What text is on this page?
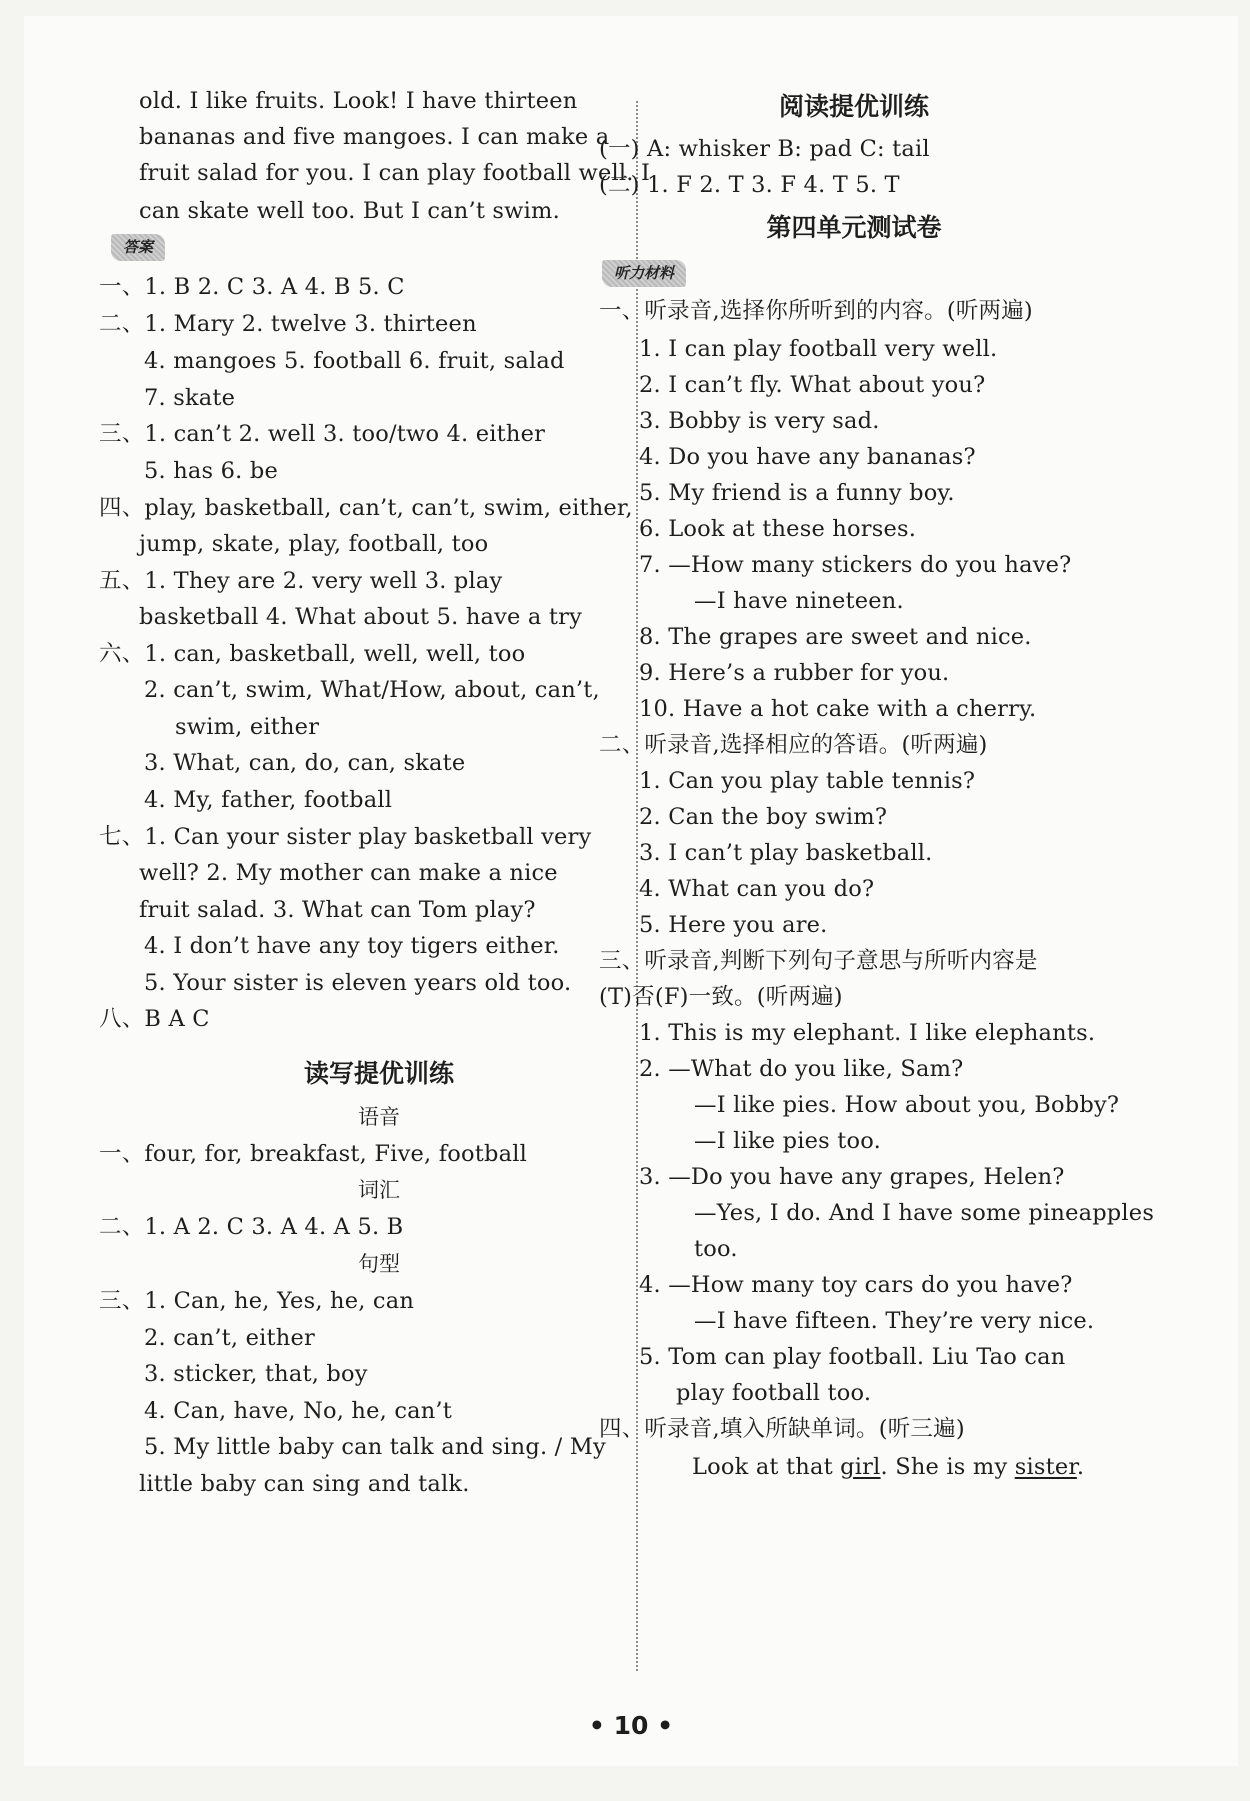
old. I like fruits. Look! I have thirteen
bananas and five mangoes. I can make a
fruit salad for you. I can play football well. I
can skate well too. But I can’t swim.
答案
一、1. B 2. C 3. A 4. B 5. C
二、1. Mary 2. twelve 3. thirteen
4. mangoes 5. football 6. fruit, salad
7. skate
三、1. can’t 2. well 3. too/two 4. either
5. has 6. be
四、play, basketball, can’t, can’t, swim, either,
jump, skate, play, football, too
五、1. They are 2. very well 3. play
basketball 4. What about 5. have a try
六、1. can, basketball, well, well, too
2. can’t, swim, What/How, about, can’t,
swim, either
3. What, can, do, can, skate
4. My, father, football
七、1. Can your sister play basketball very
well? 2. My mother can make a nice
fruit salad. 3. What can Tom play?
4. I don’t have any toy tigers either.
5. Your sister is eleven years old too.
八、B A C
读写提优训练
语音
一、four, for, breakfast, Five, football
词汇
二、1. A 2. C 3. A 4. A 5. B
句型
三、1. Can, he, Yes, he, can
2. can’t, either
3. sticker, that, boy
4. Can, have, No, he, can’t
5. My little baby can talk and sing. / My
little baby can sing and talk.
阅读提优训练
(一) A: whisker B: pad C: tail
(二) 1. F 2. T 3. F 4. T 5. T
第四单元测试卷
听力材料
一、听录音,选择你所听到的内容。(听两遍)
1. I can play football very well.
2. I can’t fly. What about you?
3. Bobby is very sad.
4. Do you have any bananas?
5. My friend is a funny boy.
6. Look at these horses.
7. —How many stickers do you have?
—I have nineteen.
8. The grapes are sweet and nice.
9. Here’s a rubber for you.
10. Have a hot cake with a cherry.
二、听录音,选择相应的答语。(听两遍)
1. Can you play table tennis?
2. Can the boy swim?
3. I can’t play basketball.
4. What can you do?
5. Here you are.
三、听录音,判断下列句子意思与所听内容是
(T)否(F)一致。(听两遍)
1. This is my elephant. I like elephants.
2. —What do you like, Sam?
—I like pies. How about you, Bobby?
—I like pies too.
3. —Do you have any grapes, Helen?
—Yes, I do. And I have some pineapples
too.
4. —How many toy cars do you have?
—I have fifteen. They’re very nice.
5. Tom can play football. Liu Tao can
play football too.
四、听录音,填入所缺单词。(听三遍)
Look at that girl. She is my sister.
• 10 •
